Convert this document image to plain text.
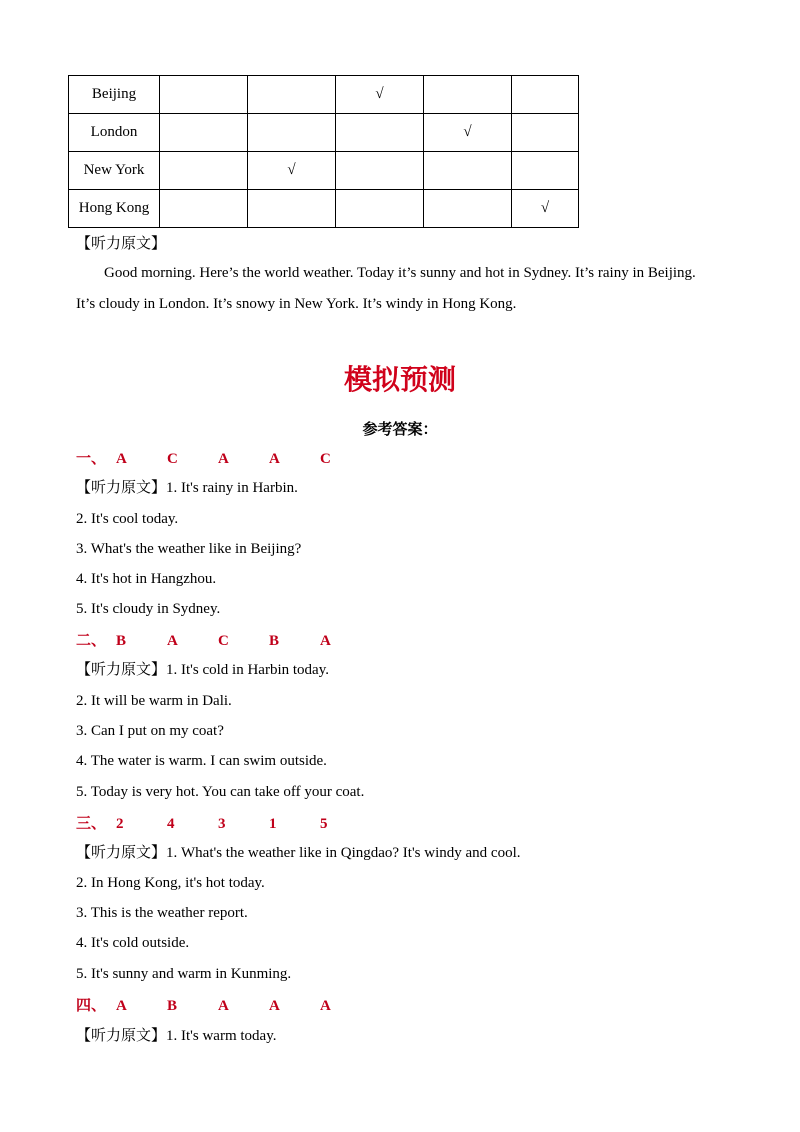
Beijing			√		
London				√	
New York		√			
Hong Kong					√
【听力原文】
Good morning. Here’s the world weather. Today it’s sunny and hot in Sydney. It’s rainy in Beijing. It’s cloudy in London. It’s snowy in New York. It’s windy in Hong Kong.
模拟预测
参考答案：
一、 A	C	A	A	C
【听力原文】1. It's rainy in Harbin.
2. It's cool today.
3. What's the weather like in Beijing?
4. It's hot in Hangzhou.
5. It's cloudy in Sydney.
二、 B	A	C	B	A
【听力原文】1. It's cold in Harbin today.
2. It will be warm in Dali.
3. Can I put on my coat?
4. The water is warm. I can swim outside.
5. Today is very hot. You can take off your coat.
三、 2	4	3	1	5
【听力原文】1. What's the weather like in Qingdao? It's windy and cool.
2. In Hong Kong, it's hot today.
3. This is the weather report.
4. It's cold outside.
5. It's sunny and warm in Kunming.
四、 A	B	A	A	A
【听力原文】1. It's warm today.
